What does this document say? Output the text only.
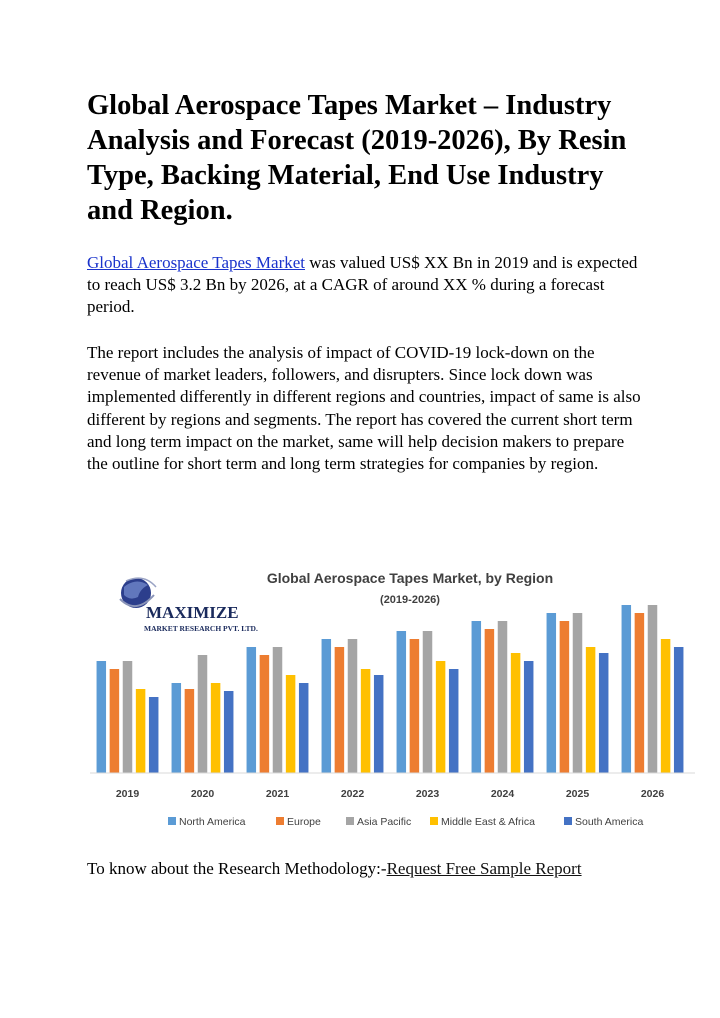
Global Aerospace Tapes Market – Industry Analysis and Forecast (2019-2026), By Resin Type, Backing Material, End Use Industry and Region.

Global Aerospace Tapes Market was valued US$ XX Bn in 2019 and is expected to reach US$ 3.2 Bn by 2026, at a CAGR of around XX % during a forecast period.

The report includes the analysis of impact of COVID-19 lock-down on the revenue of market leaders, followers, and disrupters. Since lock down was implemented differently in different regions and countries, impact of same is also different by regions and segments. The report has covered the current short term and long term impact on the market, same will help decision makers to prepare the outline for short term and long term strategies for companies by region.

MAXIMIZE
MARKET RESEARCH PVT. LTD.
Global Aerospace Tapes Market, by Region
(2019-2026)
2019	2020	2021	2022	2023	2024	2025	2026
North America	Europe	Asia Pacific	Middle East & Africa	South America

To know about the Research Methodology:-Request Free Sample Report
